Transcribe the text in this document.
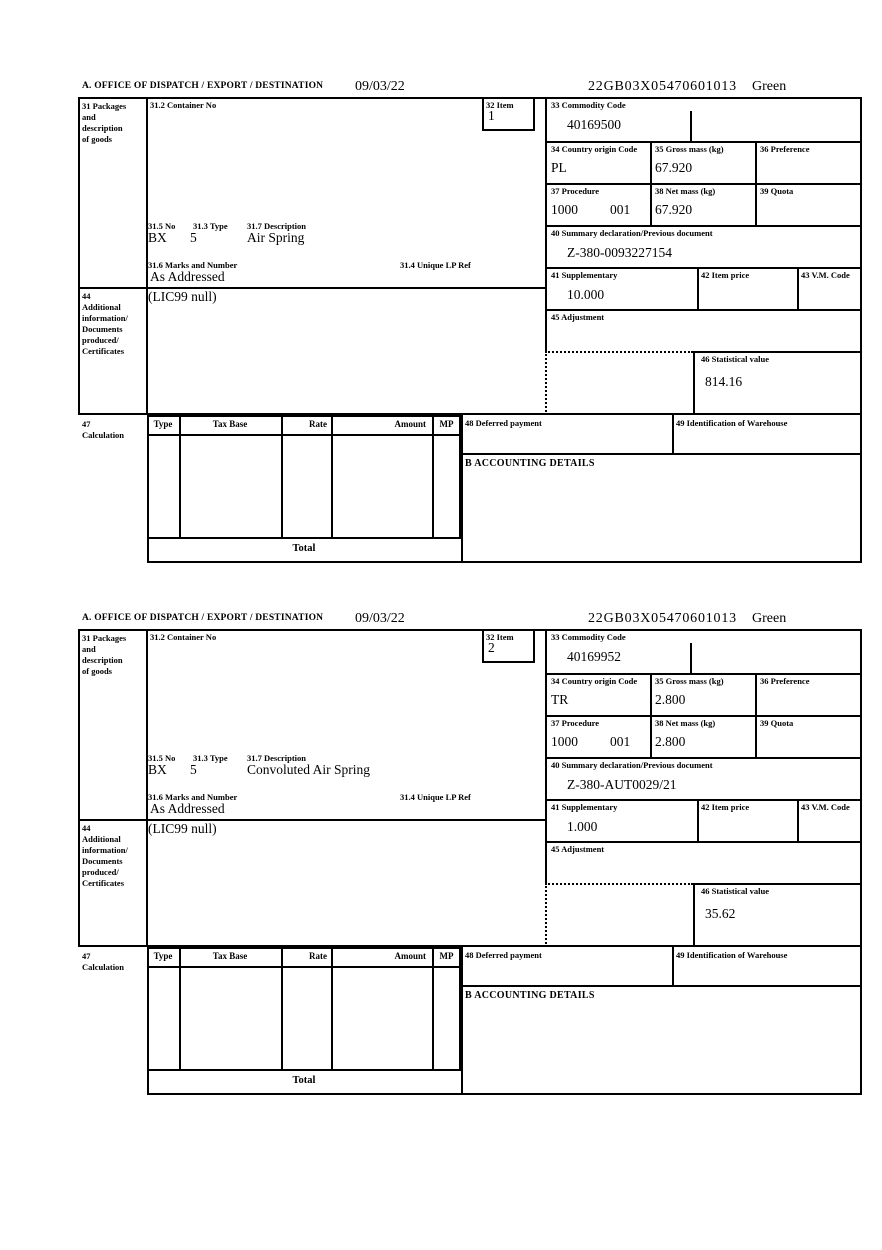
A. OFFICE OF DISPATCH / EXPORT / DESTINATION 09/03/22	22GB03X05470601013 Green
31 Packages
and
description
of goods
44
Additional
information/
Documents
produced/
Certificates
47
Calculation
31.2 Container No	32 Item
1
31.5 No 31.3 Type 31.7 Description
BX 5	Air Spring
31.6 Marks and Number	31.4 Unique LP Ref
As Addressed
(LIC99 null)
33 Commodity Code
40169500
34 Country origin Code
PL
35 Gross mass (kg)
67.920
36 Preference
37 Procedure
1000 001
38 Net mass (kg)
67.920
39 Quota
40 Summary declaration/Previous document
Z-380-0093227154
41 Supplementary
10.000
42 Item price	43 V.M. Code
45 Adjustment
46 Statistical value
814.16
Type	Tax Base	Rate	Amount	MP
Total
48 Deferred payment	49 Identification of Warehouse
B ACCOUNTING DETAILS
A. OFFICE OF DISPATCH / EXPORT / DESTINATION 09/03/22	22GB03X05470601013 Green
31 Packages
and
description
of goods
44
Additional
information/
Documents
produced/
Certificates
47
Calculation
31.2 Container No	32 Item
2
31.5 No 31.3 Type 31.7 Description
BX 5	Convoluted Air Spring
31.6 Marks and Number	31.4 Unique LP Ref
As Addressed
(LIC99 null)
33 Commodity Code
40169952
34 Country origin Code
TR
35 Gross mass (kg)
2.800
36 Preference
37 Procedure
1000 001
38 Net mass (kg)
2.800
39 Quota
40 Summary declaration/Previous document
Z-380-AUT0029/21
41 Supplementary
1.000
42 Item price	43 V.M. Code
45 Adjustment
46 Statistical value
35.62
Type	Tax Base	Rate	Amount	MP
Total
48 Deferred payment	49 Identification of Warehouse
B ACCOUNTING DETAILS
